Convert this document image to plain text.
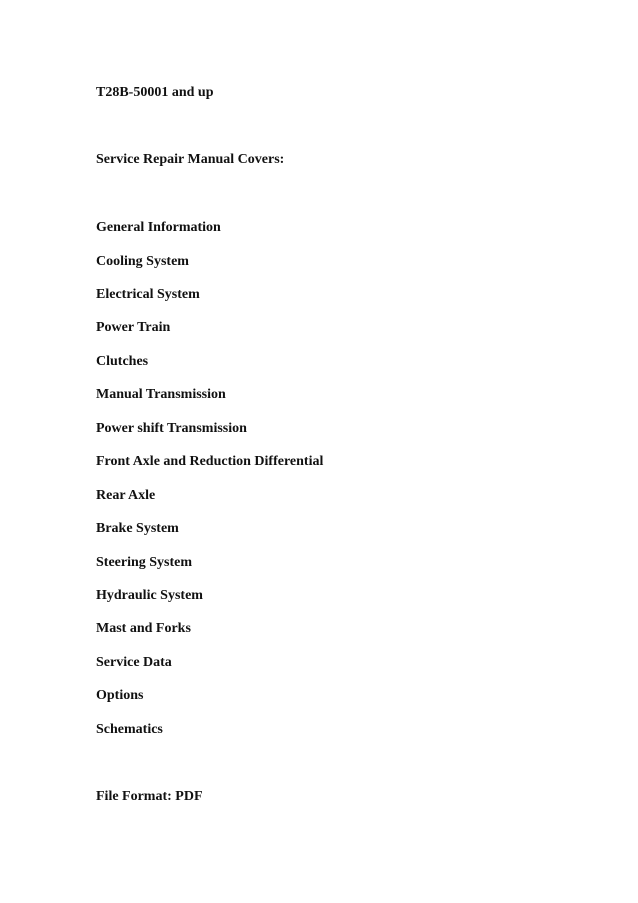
T28B-50001 and up

Service Repair Manual Covers:

General Information

Cooling System

Electrical System

Power Train

Clutches

Manual Transmission

Power shift Transmission

Front Axle and Reduction Differential

Rear Axle

Brake System

Steering System

Hydraulic System

Mast and Forks

Service Data

Options

Schematics

File Format: PDF
